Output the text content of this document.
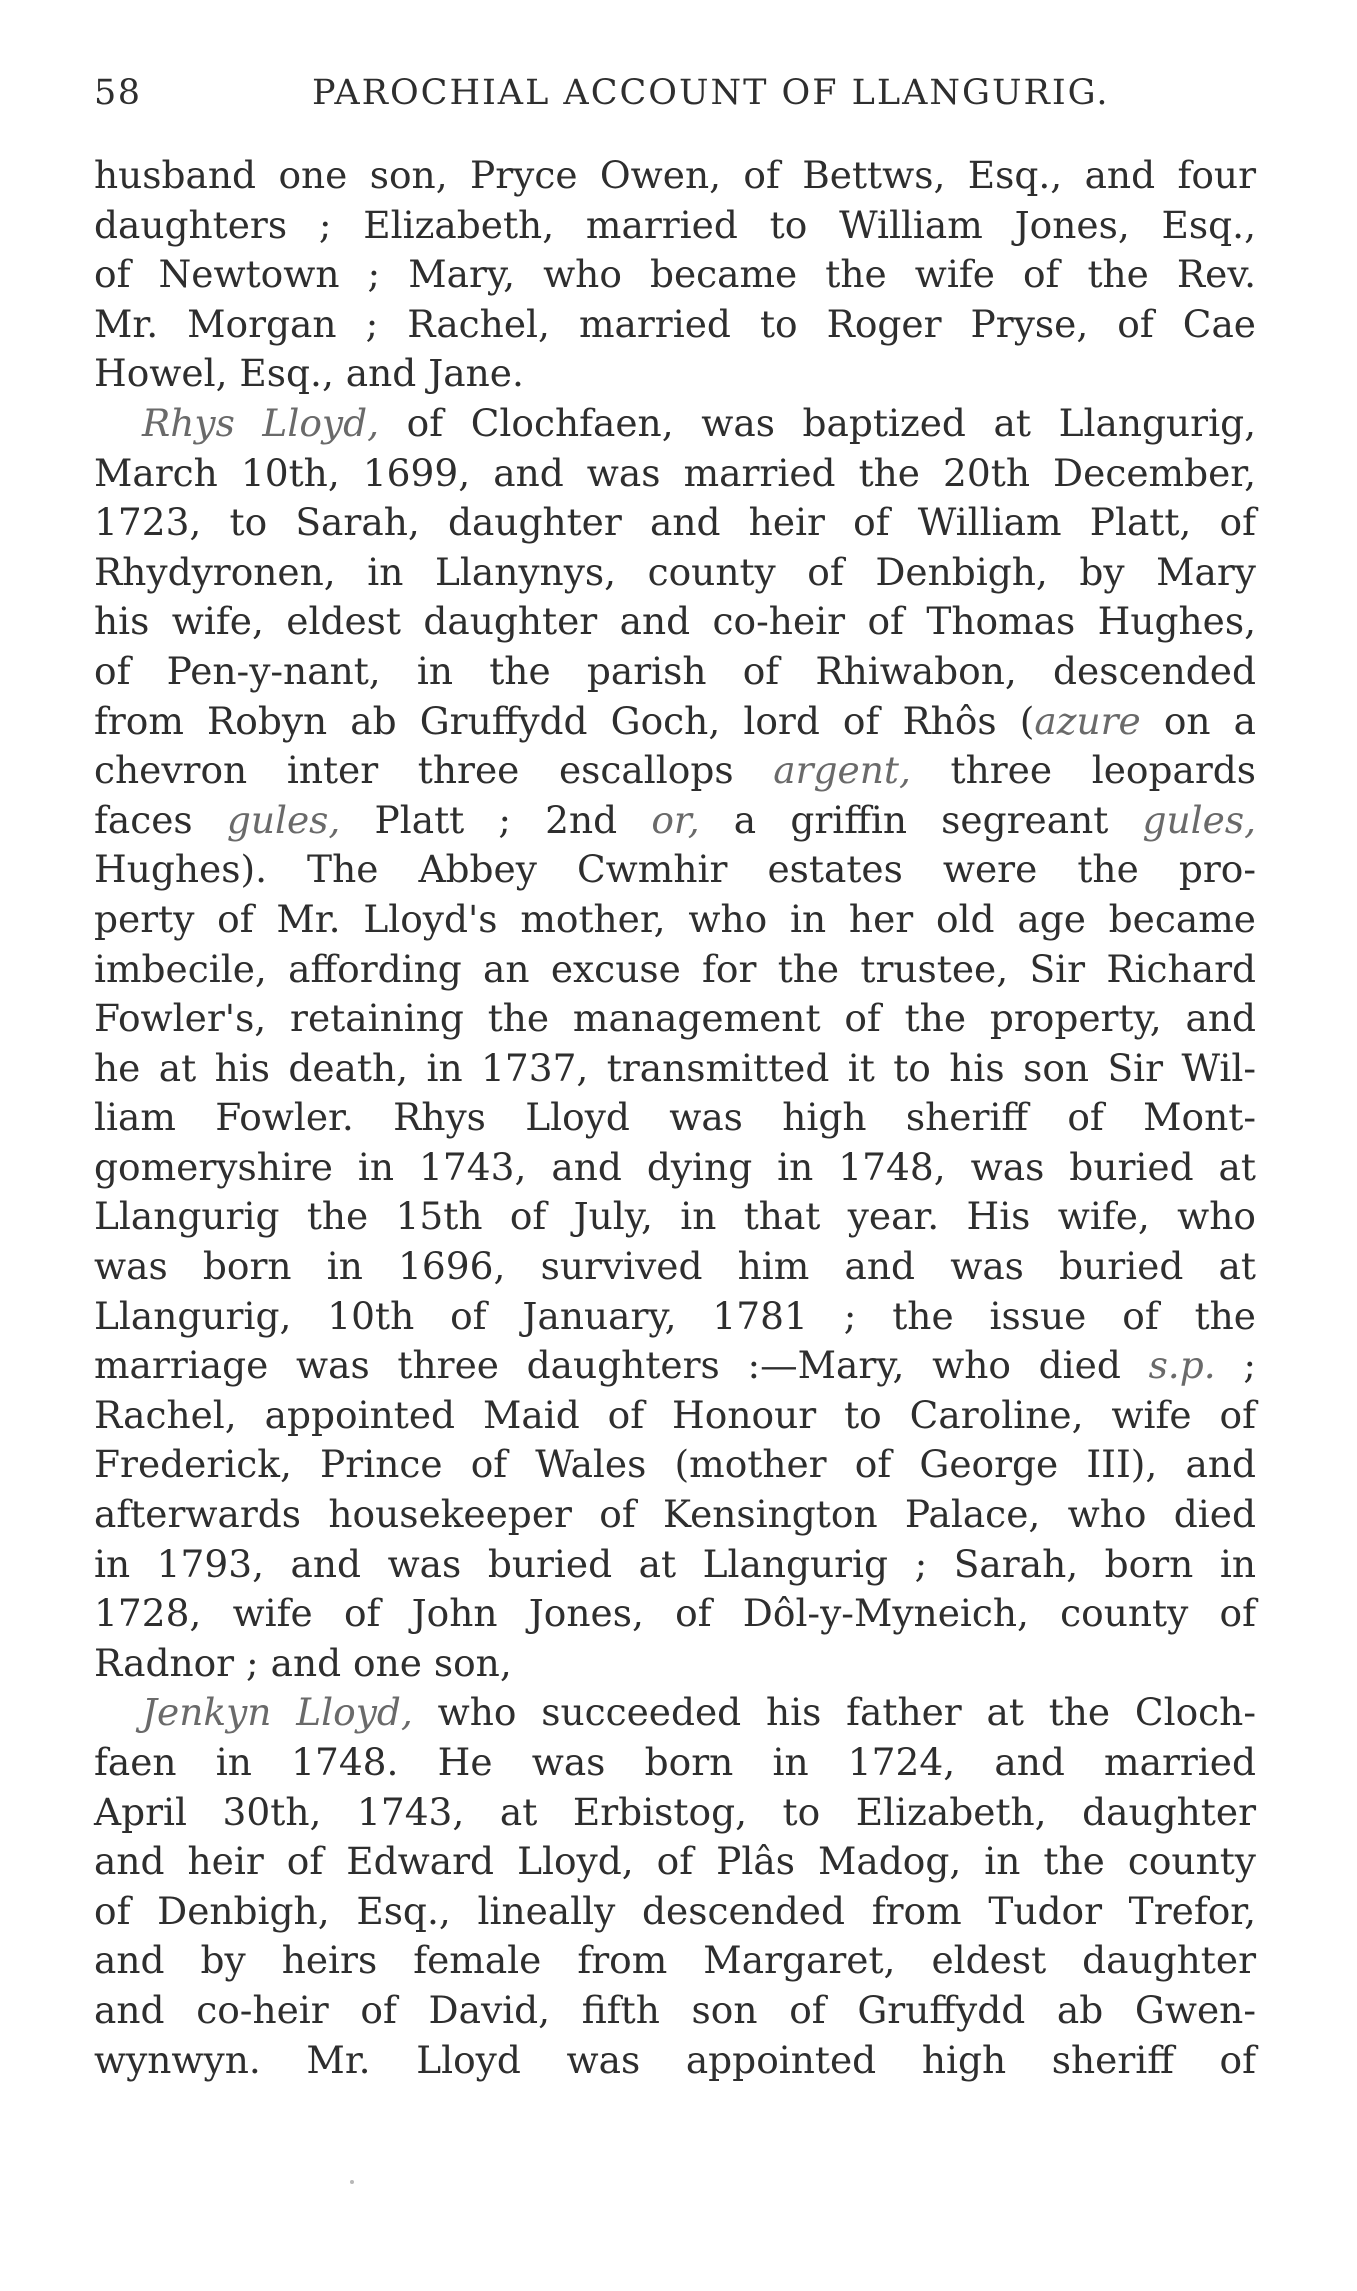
58	PAROCHIAL ACCOUNT OF LLANGURIG.
husband one son, Pryce Owen, of Bettws, Esq., and four
daughters ; Elizabeth, married to William Jones, Esq.,
of Newtown ; Mary, who became the wife of the Rev.
Mr. Morgan ; Rachel, married to Roger Pryse, of Cae
Howel, Esq., and Jane.
Rhys Lloyd, of Clochfaen, was baptized at Llangurig,
March 10th, 1699, and was married the 20th December,
1723, to Sarah, daughter and heir of William Platt, of
Rhydyronen, in Llanynys, county of Denbigh, by Mary
his wife, eldest daughter and co-heir of Thomas Hughes,
of Pen-y-nant, in the parish of Rhiwabon, descended
from Robyn ab Gruffydd Goch, lord of Rhôs (azure on a
chevron inter three escallops argent, three leopards
faces gules, Platt ; 2nd or, a griffin segreant gules,
Hughes). The Abbey Cwmhir estates were the pro-
perty of Mr. Lloyd's mother, who in her old age became
imbecile, affording an excuse for the trustee, Sir Richard
Fowler's, retaining the management of the property, and
he at his death, in 1737, transmitted it to his son Sir Wil-
liam Fowler. Rhys Lloyd was high sheriff of Mont-
gomeryshire in 1743, and dying in 1748, was buried at
Llangurig the 15th of July, in that year. His wife, who
was born in 1696, survived him and was buried at
Llangurig, 10th of January, 1781 ; the issue of the
marriage was three daughters :—Mary, who died s.p. ;
Rachel, appointed Maid of Honour to Caroline, wife of
Frederick, Prince of Wales (mother of George III), and
afterwards housekeeper of Kensington Palace, who died
in 1793, and was buried at Llangurig ; Sarah, born in
1728, wife of John Jones, of Dôl-y-Myneich, county of
Radnor ; and one son,
Jenkyn Lloyd, who succeeded his father at the Cloch-
faen in 1748. He was born in 1724, and married
April 30th, 1743, at Erbistog, to Elizabeth, daughter
and heir of Edward Lloyd, of Plâs Madog, in the county
of Denbigh, Esq., lineally descended from Tudor Trefor,
and by heirs female from Margaret, eldest daughter
and co-heir of David, fifth son of Gruffydd ab Gwen-
wynwyn. Mr. Lloyd was appointed high sheriff of
